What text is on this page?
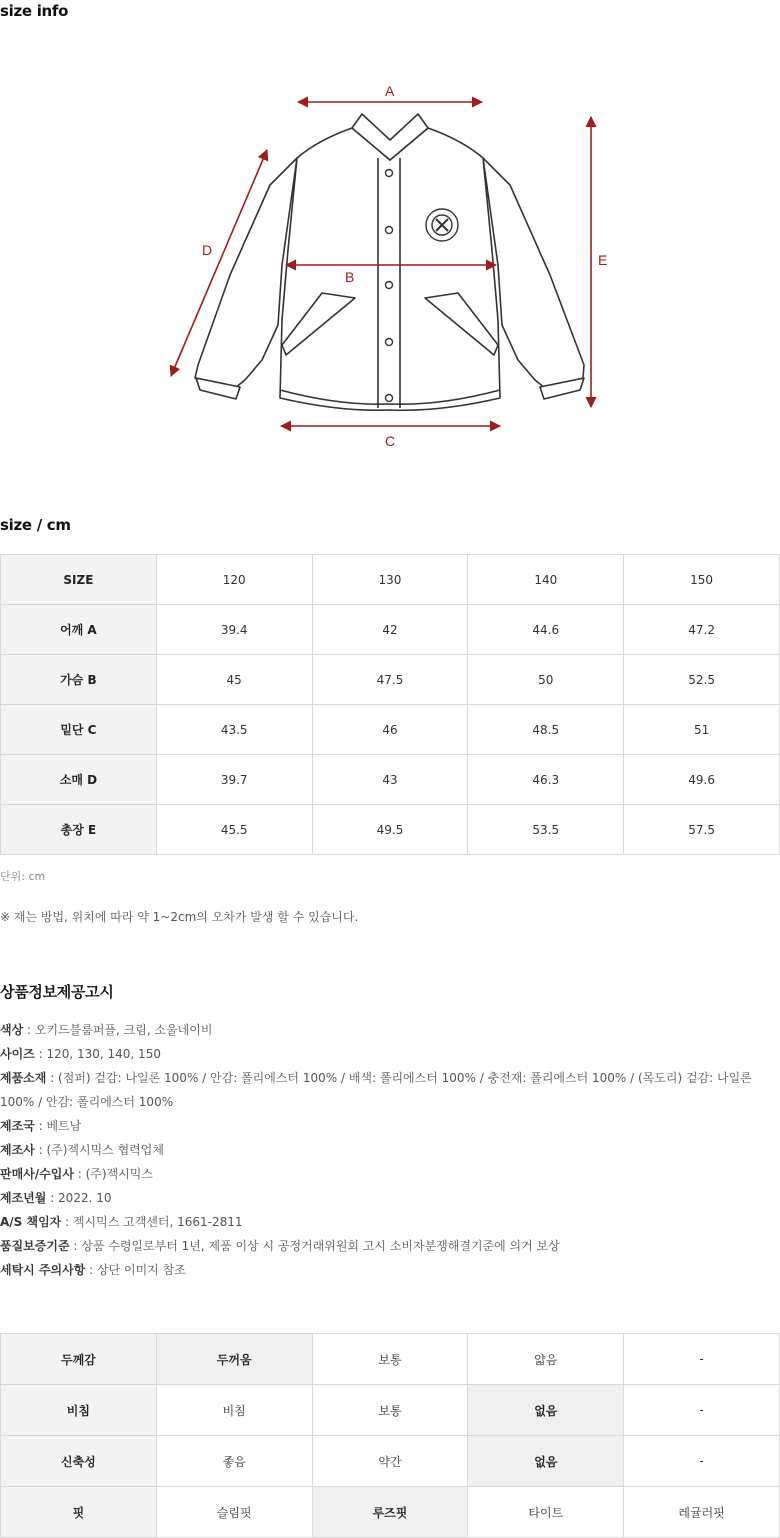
size info
A
B
C
D
E
size / cm
SIZE	120	130	140	150
어깨 A	39.4	42	44.6	47.2
가슴 B	45	47.5	50	52.5
밑단 C	43.5	46	48.5	51
소매 D	39.7	43	46.3	49.6
총장 E	45.5	49.5	53.5	57.5
단위: cm
※ 재는 방법, 위치에 따라 약 1~2cm의 오차가 발생 할 수 있습니다.
상품정보제공고시

색상 : 오키드블룸퍼플, 크림, 소울네이비

사이즈 : 120, 130, 140, 150

제품소재 : (점퍼) 겉감: 나일론 100% / 안감: 폴리에스터 100% / 배색: 폴리에스터 100% / 충전재: 폴리에스터 100% / (목도리) 겉감: 나일론 100% / 안감: 폴리에스터 100%

제조국 : 베트남

제조사 : (주)젝시믹스 협력업체

판매사/수입사 : (주)젝시믹스

제조년월 : 2022. 10

A/S 책임자 : 젝시믹스 고객센터, 1661-2811

품질보증기준 : 상품 수령일로부터 1년, 제품 이상 시 공정거래위원회 고시 소비자분쟁해결기준에 의거 보상

세탁시 주의사항 : 상단 이미지 참조

두께감	두꺼움	보통	얇음	-
비침	비침	보통	없음	-
신축성	좋음	약간	없음	-
핏	슬림핏	루즈핏	타이트	레귤러핏
